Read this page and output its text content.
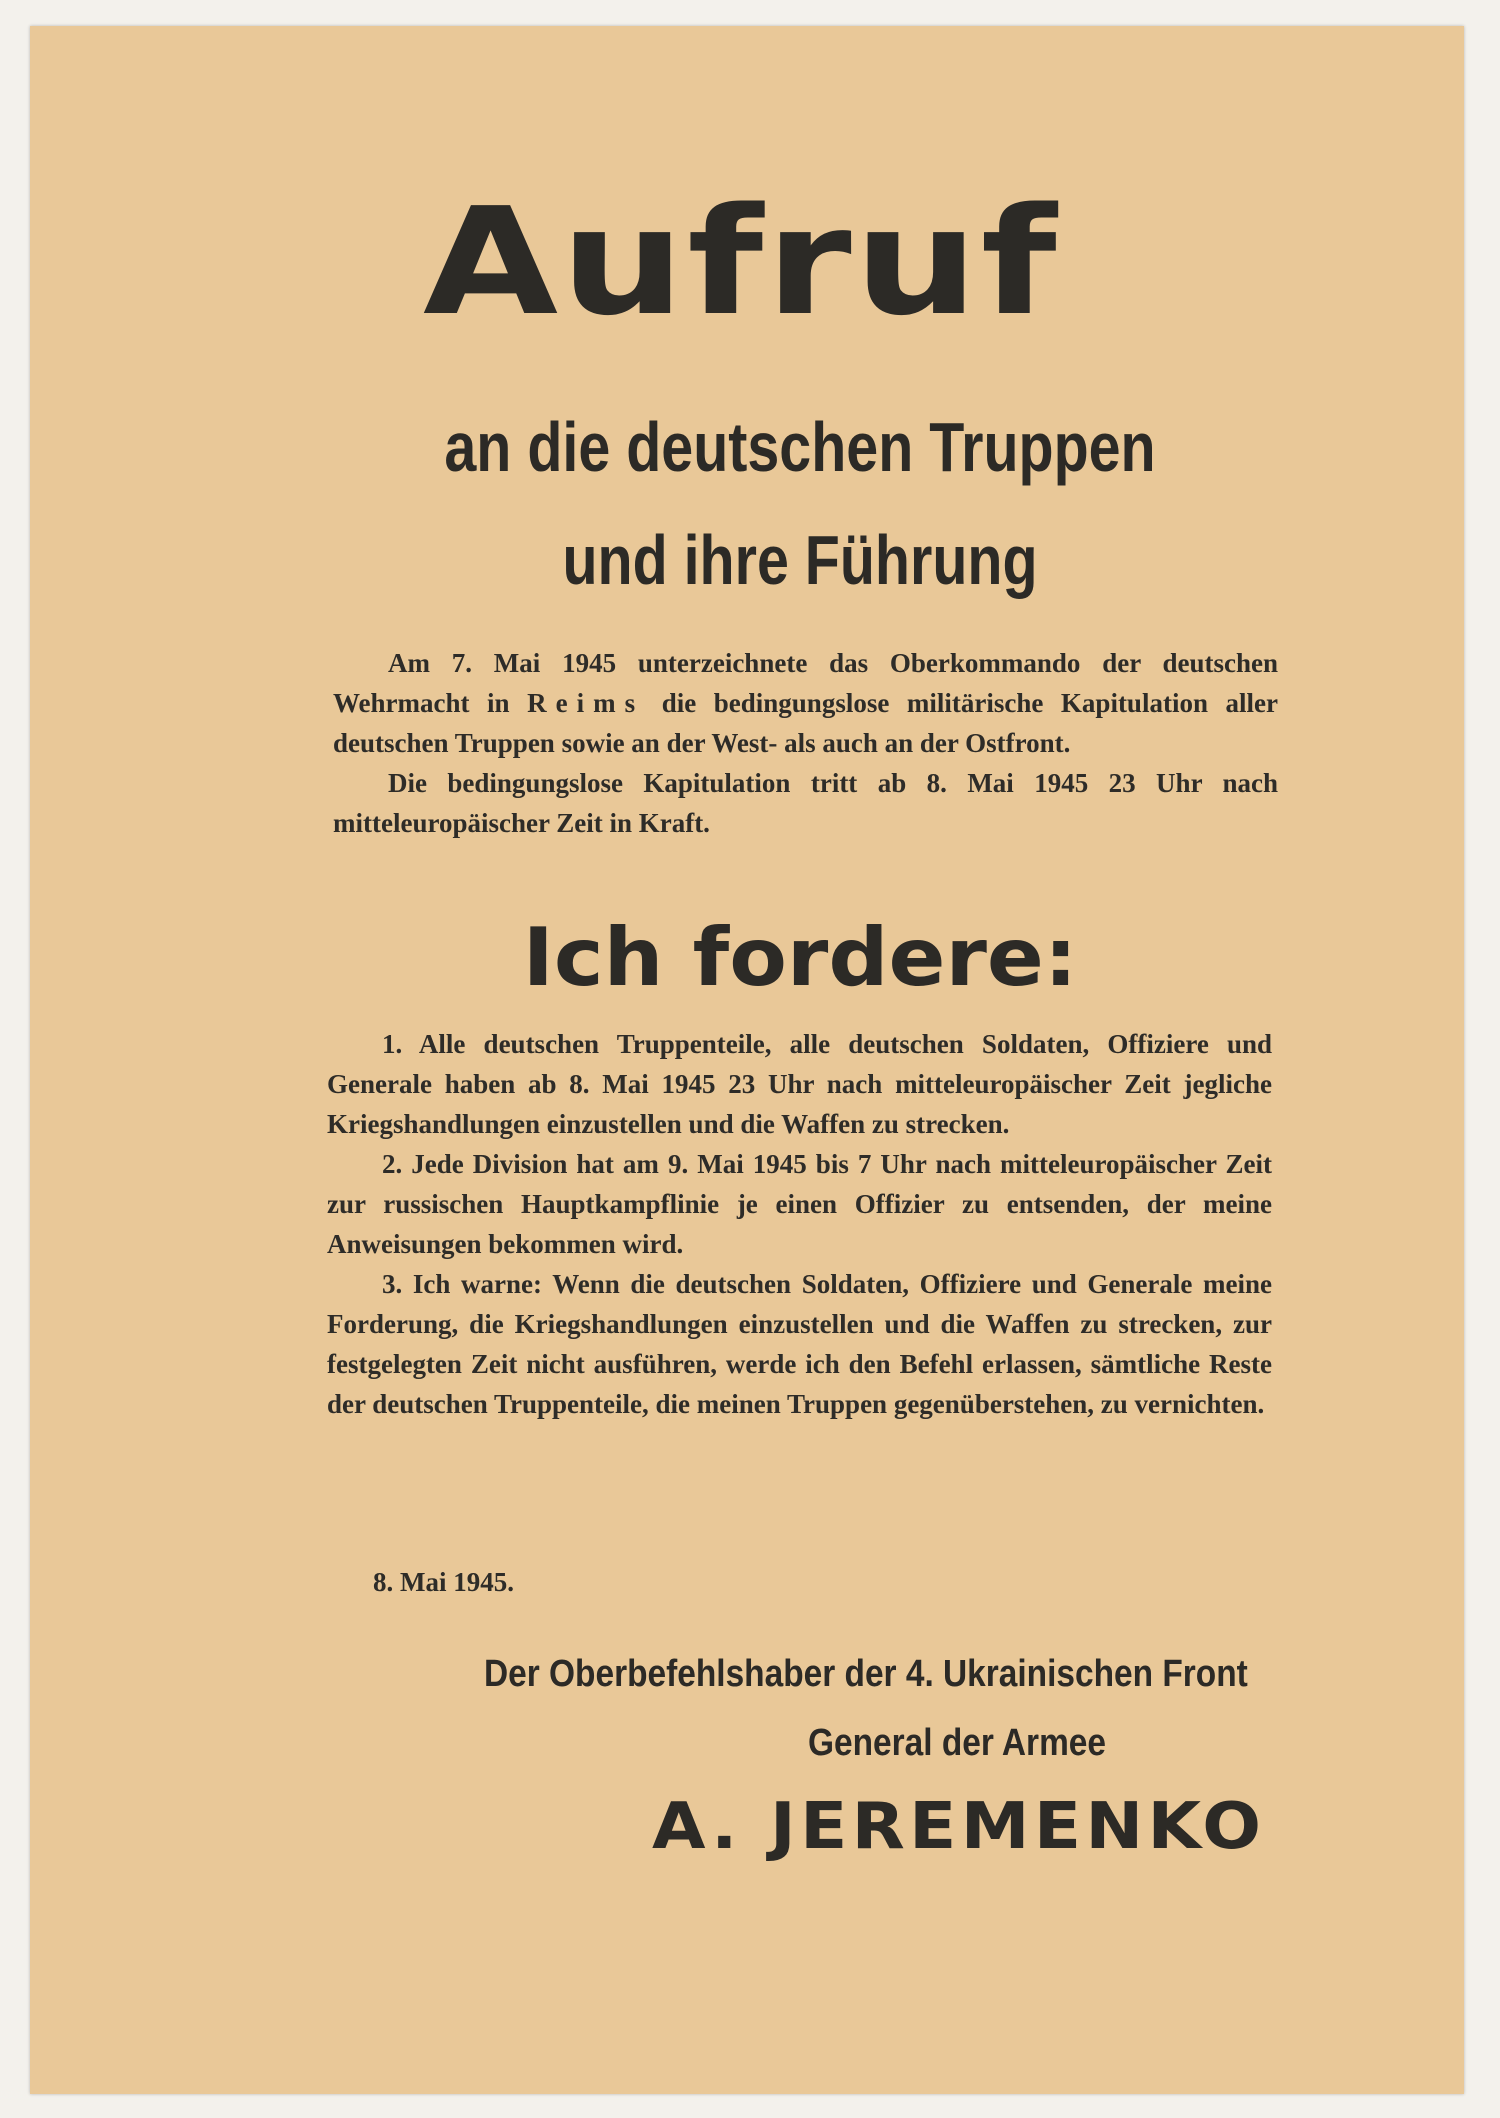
Aufruf
an die deutschen Truppen
und ihre Führung

Am 7. Mai 1945 unterzeichnete das Oberkommando der deutschen Wehrmacht in Reims die bedingungslose militärische Kapitulation aller deutschen Truppen sowie an der West- als auch an der Ostfront.

Die bedingungslose Kapitulation tritt ab 8. Mai 1945 23 Uhr nach mitteleuropäischer Zeit in Kraft.

Ich fordere:

1. Alle deutschen Truppenteile, alle deutschen Soldaten, Offiziere und Generale haben ab 8. Mai 1945 23 Uhr nach mitteleuropäischer Zeit jegliche Kriegshandlungen einzustellen und die Waffen zu strecken.

2. Jede Division hat am 9. Mai 1945 bis 7 Uhr nach mitteleuropäischer Zeit zur russischen Hauptkampflinie je einen Offizier zu entsenden, der meine Anweisungen bekommen wird.

3. Ich warne: Wenn die deutschen Soldaten, Offiziere und Generale meine Forderung, die Kriegshandlungen einzustellen und die Waffen zu strecken, zur festgelegten Zeit nicht ausführen, werde ich den Befehl erlassen, sämtliche Reste der deutschen Truppenteile, die meinen Truppen gegenüberstehen, zu vernichten.

8. Mai 1945.
Der Oberbefehlshaber der 4. Ukrainischen Front
General der Armee
A. JEREMENKO
